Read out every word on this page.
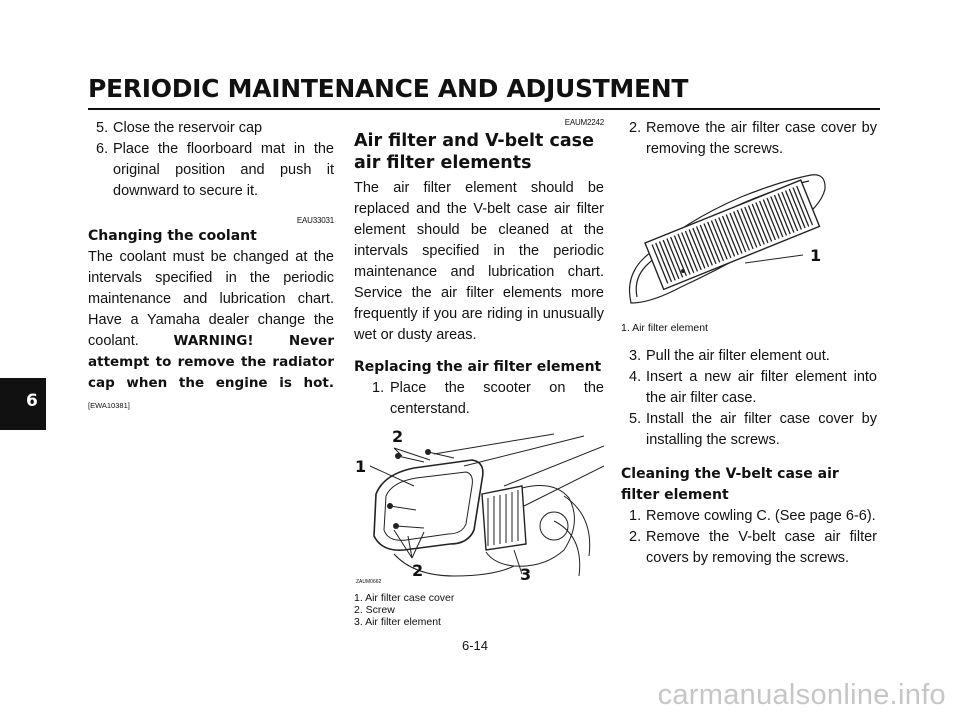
PERIODIC MAINTENANCE AND ADJUSTMENT
6
5. Close the reservoir cap
6. Place the floorboard mat in the original position and push it downward to secure it.
EAU33031
Changing the coolant
The coolant must be changed at the intervals specified in the periodic maintenance and lubrication chart. Have a Yamaha dealer change the coolant.	WARNING! Never attempt to remove the radiator cap when the engine is hot. [EWA10381]
EAUM2242
Air filter and V-belt case air filter elements
The air filter element should be replaced and the V-belt case air filter element should be cleaned at the intervals specified in the periodic maintenance and lubrication chart. Service the air filter elements more frequently if you are riding in unusually wet or dusty areas.
Replacing the air filter element
1. Place the scooter on the centerstand.
2
1
2	3
ZAUM0662
1. Air filter case cover
2. Screw
3. Air filter element
2. Remove the air filter case cover by removing the screws.
1
1. Air filter element
3. Pull the air filter element out.
4. Insert a new air filter element into the air filter case.
5. Install the air filter case cover by installing the screws.
Cleaning the V-belt case air filter element
1. Remove cowling C. (See page 6-6).
2. Remove the V-belt case air filter covers by removing the screws.
6-14
carmanualsonline.info
